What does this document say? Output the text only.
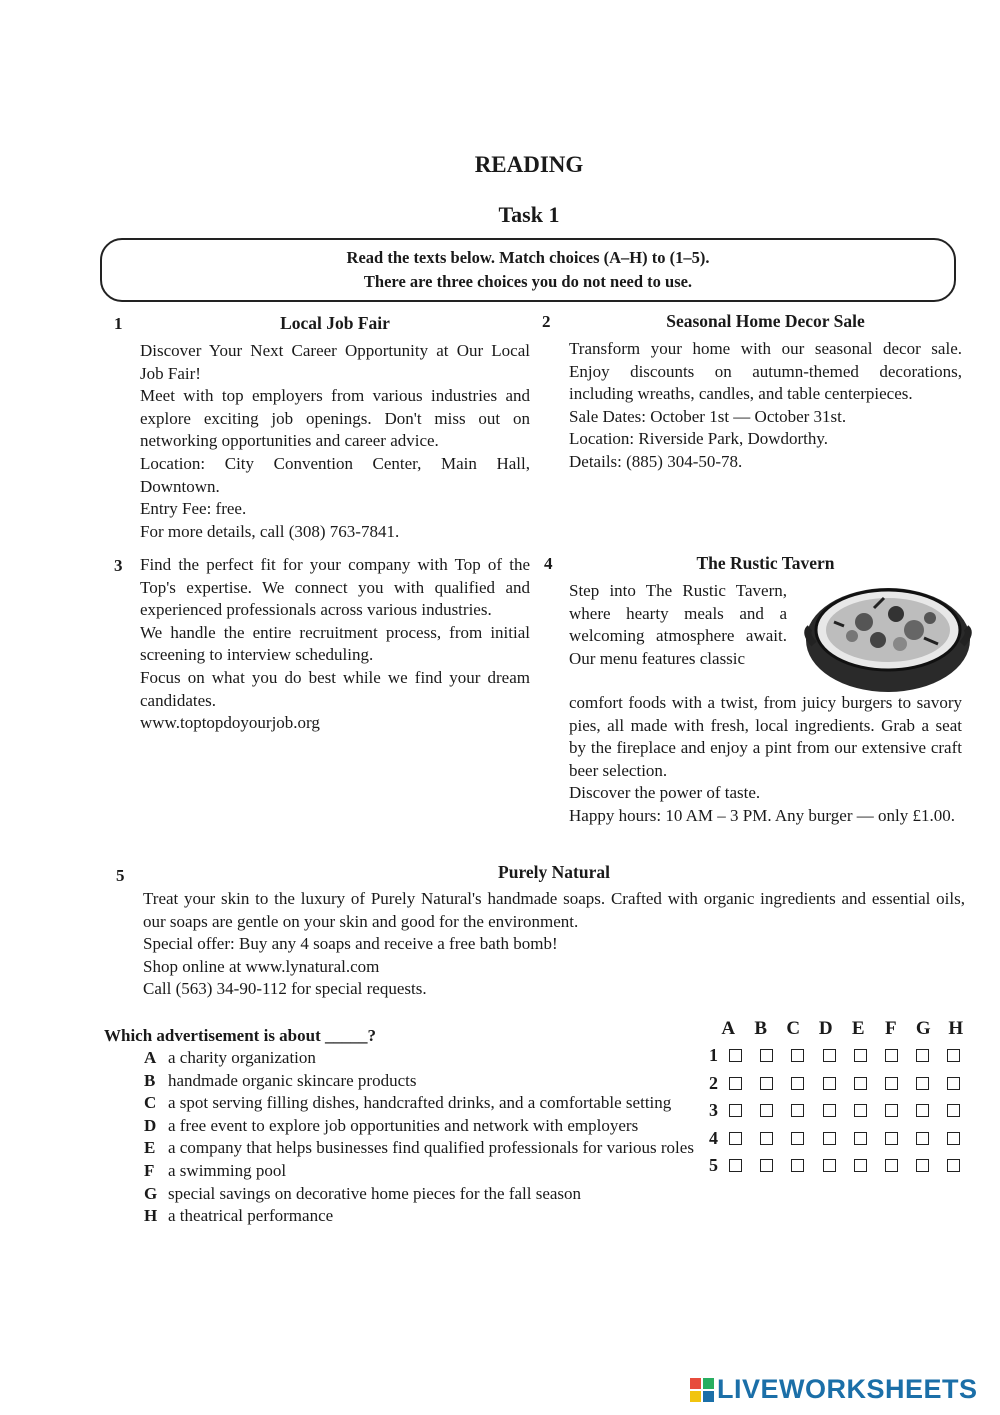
READING
Task 1
Read the texts below. Match choices (A–H) to (1–5).
There are three choices you do not need to use.
1	Local Job Fair

Discover Your Next Career Opportunity at Our Local Job Fair!

Meet with top employers from various industries and explore exciting job openings. Don't miss out on networking opportunities and career advice.

Location: City Convention Center, Main Hall, Downtown.

Entry Fee: free.

For more details, call (308) 763-7841.

2	Seasonal Home Decor Sale

Transform your home with our seasonal decor sale. Enjoy discounts on autumn-themed decorations, including wreaths, candles, and table centerpieces.

Sale Dates: October 1st — October 31st.

Location: Riverside Park, Dowdorthy.

Details: (885) 304-50-78.

3 Find the perfect fit for your company with Top of the Top's expertise. We connect you with qualified and experienced professionals across various industries.

We handle the entire recruitment process, from initial screening to interview scheduling.

Focus on what you do best while we find your dream candidates.

www.toptopdoyourjob.org

4	The Rustic Tavern
Step into The Rustic Tavern, where hearty meals and a welcoming atmosphere await. Our menu features classic

comfort foods with a twist, from juicy burgers to savory pies, all made with fresh, local ingredients. Grab a seat by the fireplace and enjoy a pint from our extensive craft beer selection.

Discover the power of taste.

Happy hours: 10 AM – 3 PM. Any burger — only £1.00.

5	Purely Natural

Treat your skin to the luxury of Purely Natural's handmade soaps. Crafted with organic ingredients and essential oils, our soaps are gentle on your skin and good for the environment.

Special offer: Buy any 4 soaps and receive a free bath bomb!

Shop online at www.lynatural.com

Call (563) 34-90-112 for special requests.

Which advertisement is about _____?
A a charity organization
B handmade organic skincare products
C a spot serving filling dishes, handcrafted drinks, and a comfortable setting
D a free event to explore job opportunities and network with employers
E a company that helps businesses find qualified professionals for various roles
F a swimming pool
G special savings on decorative home pieces for the fall season
H a theatrical performance
A B C D E F G H
1
2
3
4
5
LIVEWORKSHEETS
